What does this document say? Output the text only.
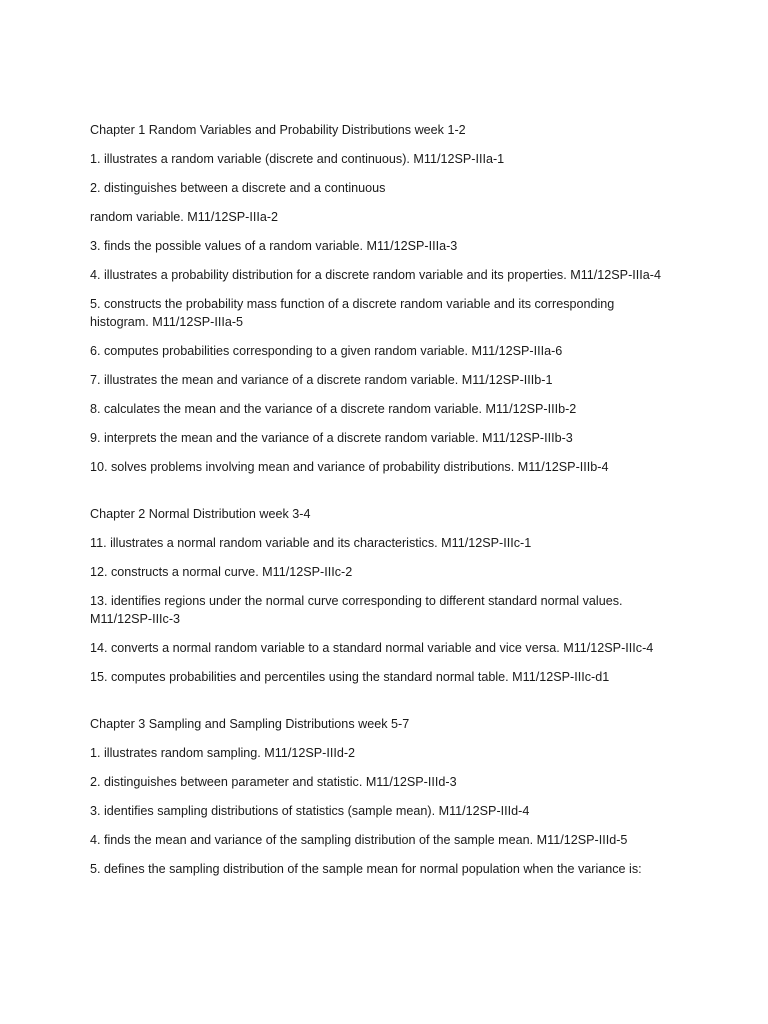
Chapter 1 Random Variables and Probability Distributions week 1-2
1. illustrates a random variable (discrete and continuous). M11/12SP-IIIa-1
2. distinguishes between a discrete and a continuous
random variable. M11/12SP-IIIa-2
3. finds the possible values of a random variable. M11/12SP-IIIa-3
4. illustrates a probability distribution for a discrete random variable and its properties. M11/12SP-IIIa-4
5. constructs the probability mass function of a discrete random variable and its corresponding
histogram. M11/12SP-IIIa-5
6. computes probabilities corresponding to a given random variable. M11/12SP-IIIa-6
7. illustrates the mean and variance of a discrete random variable. M11/12SP-IIIb-1
8. calculates the mean and the variance of a discrete random variable. M11/12SP-IIIb-2
9. interprets the mean and the variance of a discrete random variable. M11/12SP-IIIb-3
10. solves problems involving mean and variance of probability distributions. M11/12SP-IIIb-4
Chapter 2 Normal Distribution week 3-4
11. illustrates a normal random variable and its characteristics. M11/12SP-IIIc-1
12. constructs a normal curve. M11/12SP-IIIc-2
13. identifies regions under the normal curve corresponding to different standard normal values.
M11/12SP-IIIc-3
14. converts a normal random variable to a standard normal variable and vice versa. M11/12SP-IIIc-4
15. computes probabilities and percentiles using the standard normal table. M11/12SP-IIIc-d1
Chapter 3 Sampling and Sampling Distributions week 5-7
1. illustrates random sampling. M11/12SP-IIId-2
2. distinguishes between parameter and statistic. M11/12SP-IIId-3
3. identifies sampling distributions of statistics (sample mean). M11/12SP-IIId-4
4. finds the mean and variance of the sampling distribution of the sample mean. M11/12SP-IIId-5
5. defines the sampling distribution of the sample mean for normal population when the variance is:
